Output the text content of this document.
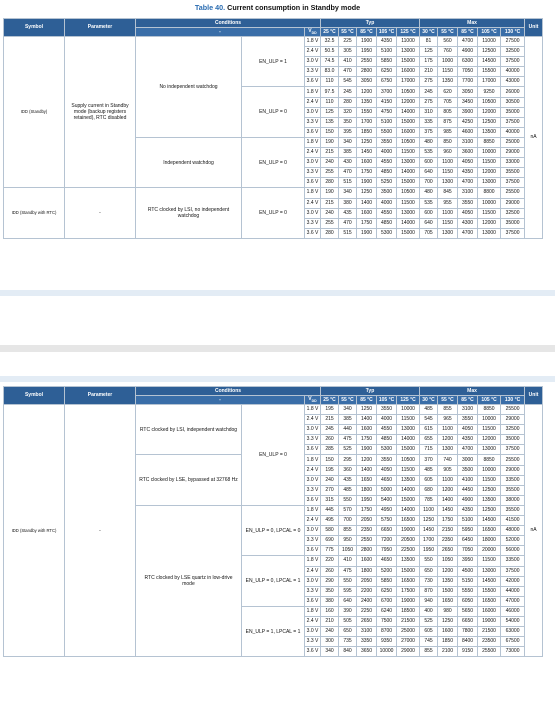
Table 40. Current consumption in Standby mode
Symbol	Parameter	Conditions			Typ					Max					Unit
		-		$V_{DD}$	25 °C	55 °C	85 °C	105 °C	125 °C	30 °C	55 °C	85 °C	105 °C	130 °C	
IDD (Standby)	Supply current in Standby mode (backup registers retained), RTC disabled	No independent watchdog	EN_ULP = 1	1.8 V	32.5	225	1900	4350	11000	81	560	4700	11000	27500	nA
				2.4 V	50.5	305	1950	5100	13000	125	760	4900	12500	32500	
				3.0 V	74.5	410	2550	5850	15000	175	1000	6300	14500	37500	
				3.3 V	83.0	470	2800	6250	16000	210	1150	7050	15500	40000	
				3.6 V	110	545	3050	6750	17000	275	1350	7700	17000	43000	
			EN_ULP = 0	1.8 V	97.5	245	1200	3700	10500	245	620	3050	9250	26000	
				2.4 V	110	280	1350	4150	12000	275	705	3450	10500	30500	
				3.0 V	125	320	1550	4750	14000	310	805	3900	12000	35000	
				3.3 V	135	350	1700	5100	15000	335	875	4250	12500	37500	
				3.6 V	150	395	1850	5500	16000	375	985	4600	13500	40000	
		Independent watchdog	EN_ULP = 0	1.8 V	190	340	1250	3550	10500	480	850	3100	8850	25000	
				2.4 V	215	385	1450	4000	11500	535	960	3600	10000	29000	
				3.0 V	240	430	1600	4550	13000	600	1100	4050	11500	33000	
				3.3 V	255	470	1750	4850	14000	640	1150	4350	12000	35500	
				3.6 V	280	515	1900	5250	15000	700	1300	4700	13000	37500	
IDD (Standby with RTC)	-	RTC clocked by LSI, no independent watchdog	EN_ULP = 0	1.8 V	190	340	1250	3500	10500	480	845	3100	8800	25500	
				2.4 V	215	380	1400	4000	11500	535	955	3550	10000	29000	
				3.0 V	240	435	1600	4550	13000	600	1100	4050	11500	32500	
				3.3 V	255	470	1750	4850	14000	640	1150	4300	12000	35000	
				3.6 V	280	515	1900	5300	15000	705	1300	4700	13000	37500	
Symbol	Parameter	Conditions			Typ					Max					Unit
		-		$V_{DD}$	25 °C	55 °C	85 °C	105 °C	125 °C	30 °C	55 °C	85 °C	105 °C	130 °C	
IDD (Standby with RTC)	-	RTC clocked by LSI, independent watchdog	EN_ULP = 0	1.8 V	195	340	1250	3550	10000	485	855	3100	8850	25500	nA
				2.4 V	215	385	1400	4000	11500	545	965	3550	10000	29000	
				3.0 V	245	440	1600	4550	13000	615	1100	4050	11500	32500	
				3.3 V	260	475	1750	4850	14000	655	1200	4350	12000	35000	
				3.6 V	285	525	1900	5300	15000	715	1300	4700	13000	37500	
		RTC clocked by LSE, bypassed at 32768 Hz		1.8 V	150	295	1200	3550	10500	370	740	3000	8850	25500	
				2.4 V	195	360	1400	4050	11500	485	905	3500	10000	29000	
				3.0 V	240	435	1650	4650	13500	605	1100	4100	11500	33500	
				3.3 V	270	485	1800	5000	14000	680	1200	4450	12500	35500	
				3.6 V	315	550	1950	5400	15000	785	1400	4900	13500	38000	
		RTC clocked by LSE quartz in low-drive mode	EN_ULP = 0, LPCAL = 0	1.8 V	445	570	1750	4950	14000	1100	1450	4350	12500	35500	
				2.4 V	495	700	2050	5750	16500	1250	1750	5100	14500	41500	
				3.0 V	580	855	2350	6650	19000	1450	2150	5950	16500	48000	
				3.3 V	690	950	2550	7200	20500	1700	2350	6450	18000	52000	
				3.6 V	775	1050	2800	7950	22500	1950	2650	7050	20000	56000	
			EN_ULP = 0, LPCAL = 1	1.8 V	220	410	1600	4650	13500	550	1050	3950	11500	33500	
				2.4 V	260	475	1800	5200	15000	650	1200	4500	13000	37500	
				3.0 V	290	550	2050	5850	16500	730	1350	5150	14500	42000	
				3.3 V	350	595	2200	6250	17500	870	1500	5550	15500	44000	
				3.6 V	380	640	2400	6700	19000	940	1650	6050	16500	47000	
			EN_ULP = 1, LPCAL = 1	1.8 V	160	390	2250	6240	18500	400	980	5650	16000	46000	
				2.4 V	210	505	2650	7500	21500	525	1250	6650	19000	54000	
				3.0 V	240	650	3100	8700	25000	605	1600	7800	21500	63000	
				3.3 V	300	735	3350	9350	27000	745	1850	8400	23500	67500	
				3.6 V	340	840	3650	10000	29000	855	2100	9150	25500	73000	
